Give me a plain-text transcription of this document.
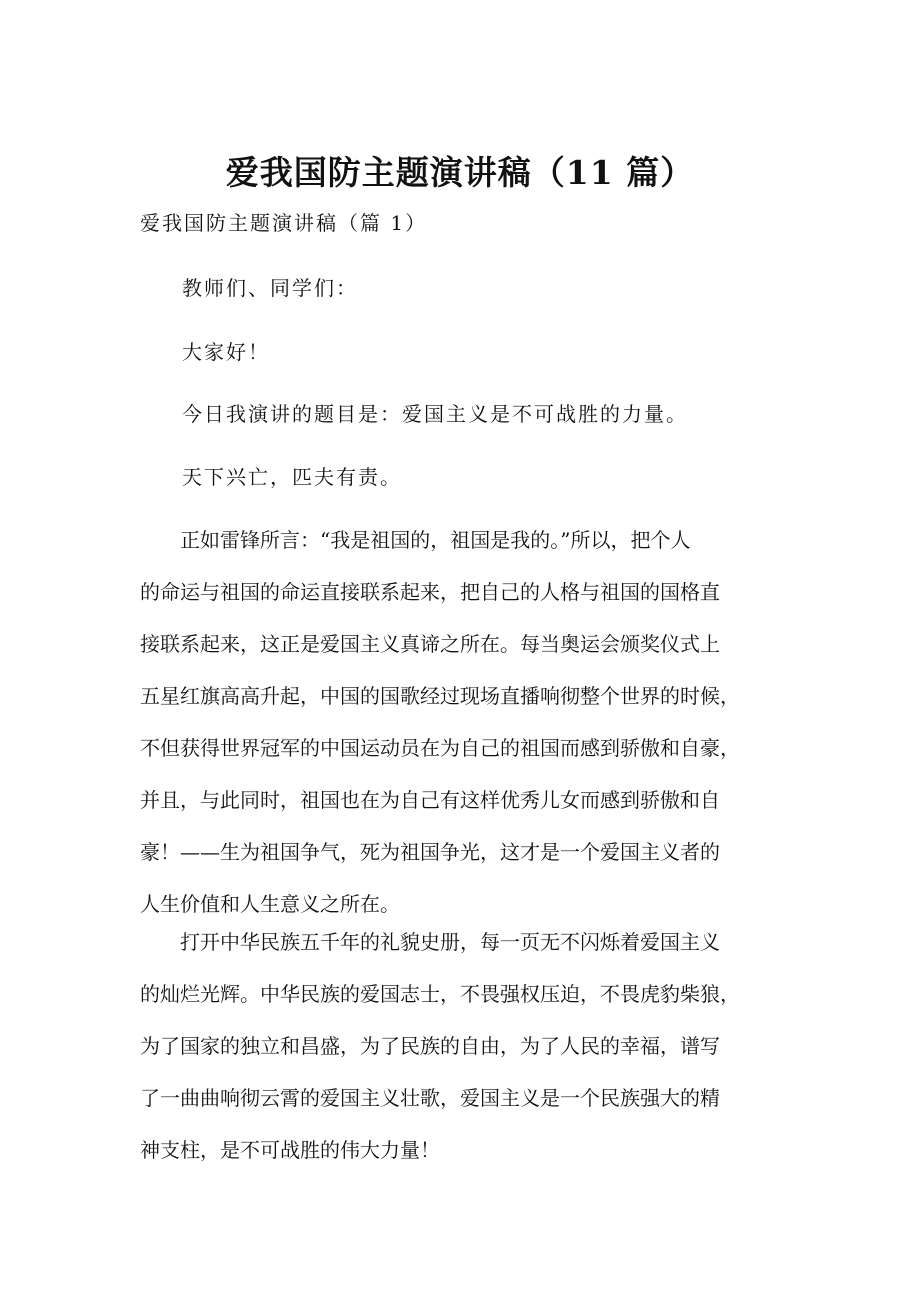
爱我国防主题演讲稿（11 篇）
爱我国防主题演讲稿（篇 1）
教师们、同学们：
大家好！
今日我演讲的题目是：爱国主义是不可战胜的力量。
天下兴亡，匹夫有责。
　　正如雷锋所言：“我是祖国的，祖国是我的。”所以，把个人
的命运与祖国的命运直接联系起来，把自己的人格与祖国的国格直
接联系起来，这正是爱国主义真谛之所在。每当奥运会颁奖仪式上
五星红旗高高升起，中国的国歌经过现场直播响彻整个世界的时候，
不但获得世界冠军的中国运动员在为自己的祖国而感到骄傲和自豪，
并且，与此同时，祖国也在为自己有这样优秀儿女而感到骄傲和自
豪！——生为祖国争气，死为祖国争光，这才是一个爱国主义者的
人生价值和人生意义之所在。
　　打开中华民族五千年的礼貌史册，每一页无不闪烁着爱国主义
的灿烂光辉。中华民族的爱国志士，不畏强权压迫，不畏虎豹柴狼，
为了国家的独立和昌盛，为了民族的自由，为了人民的幸福，谱写
了一曲曲响彻云霄的爱国主义壮歌，爱国主义是一个民族强大的精
神支柱，是不可战胜的伟大力量！
